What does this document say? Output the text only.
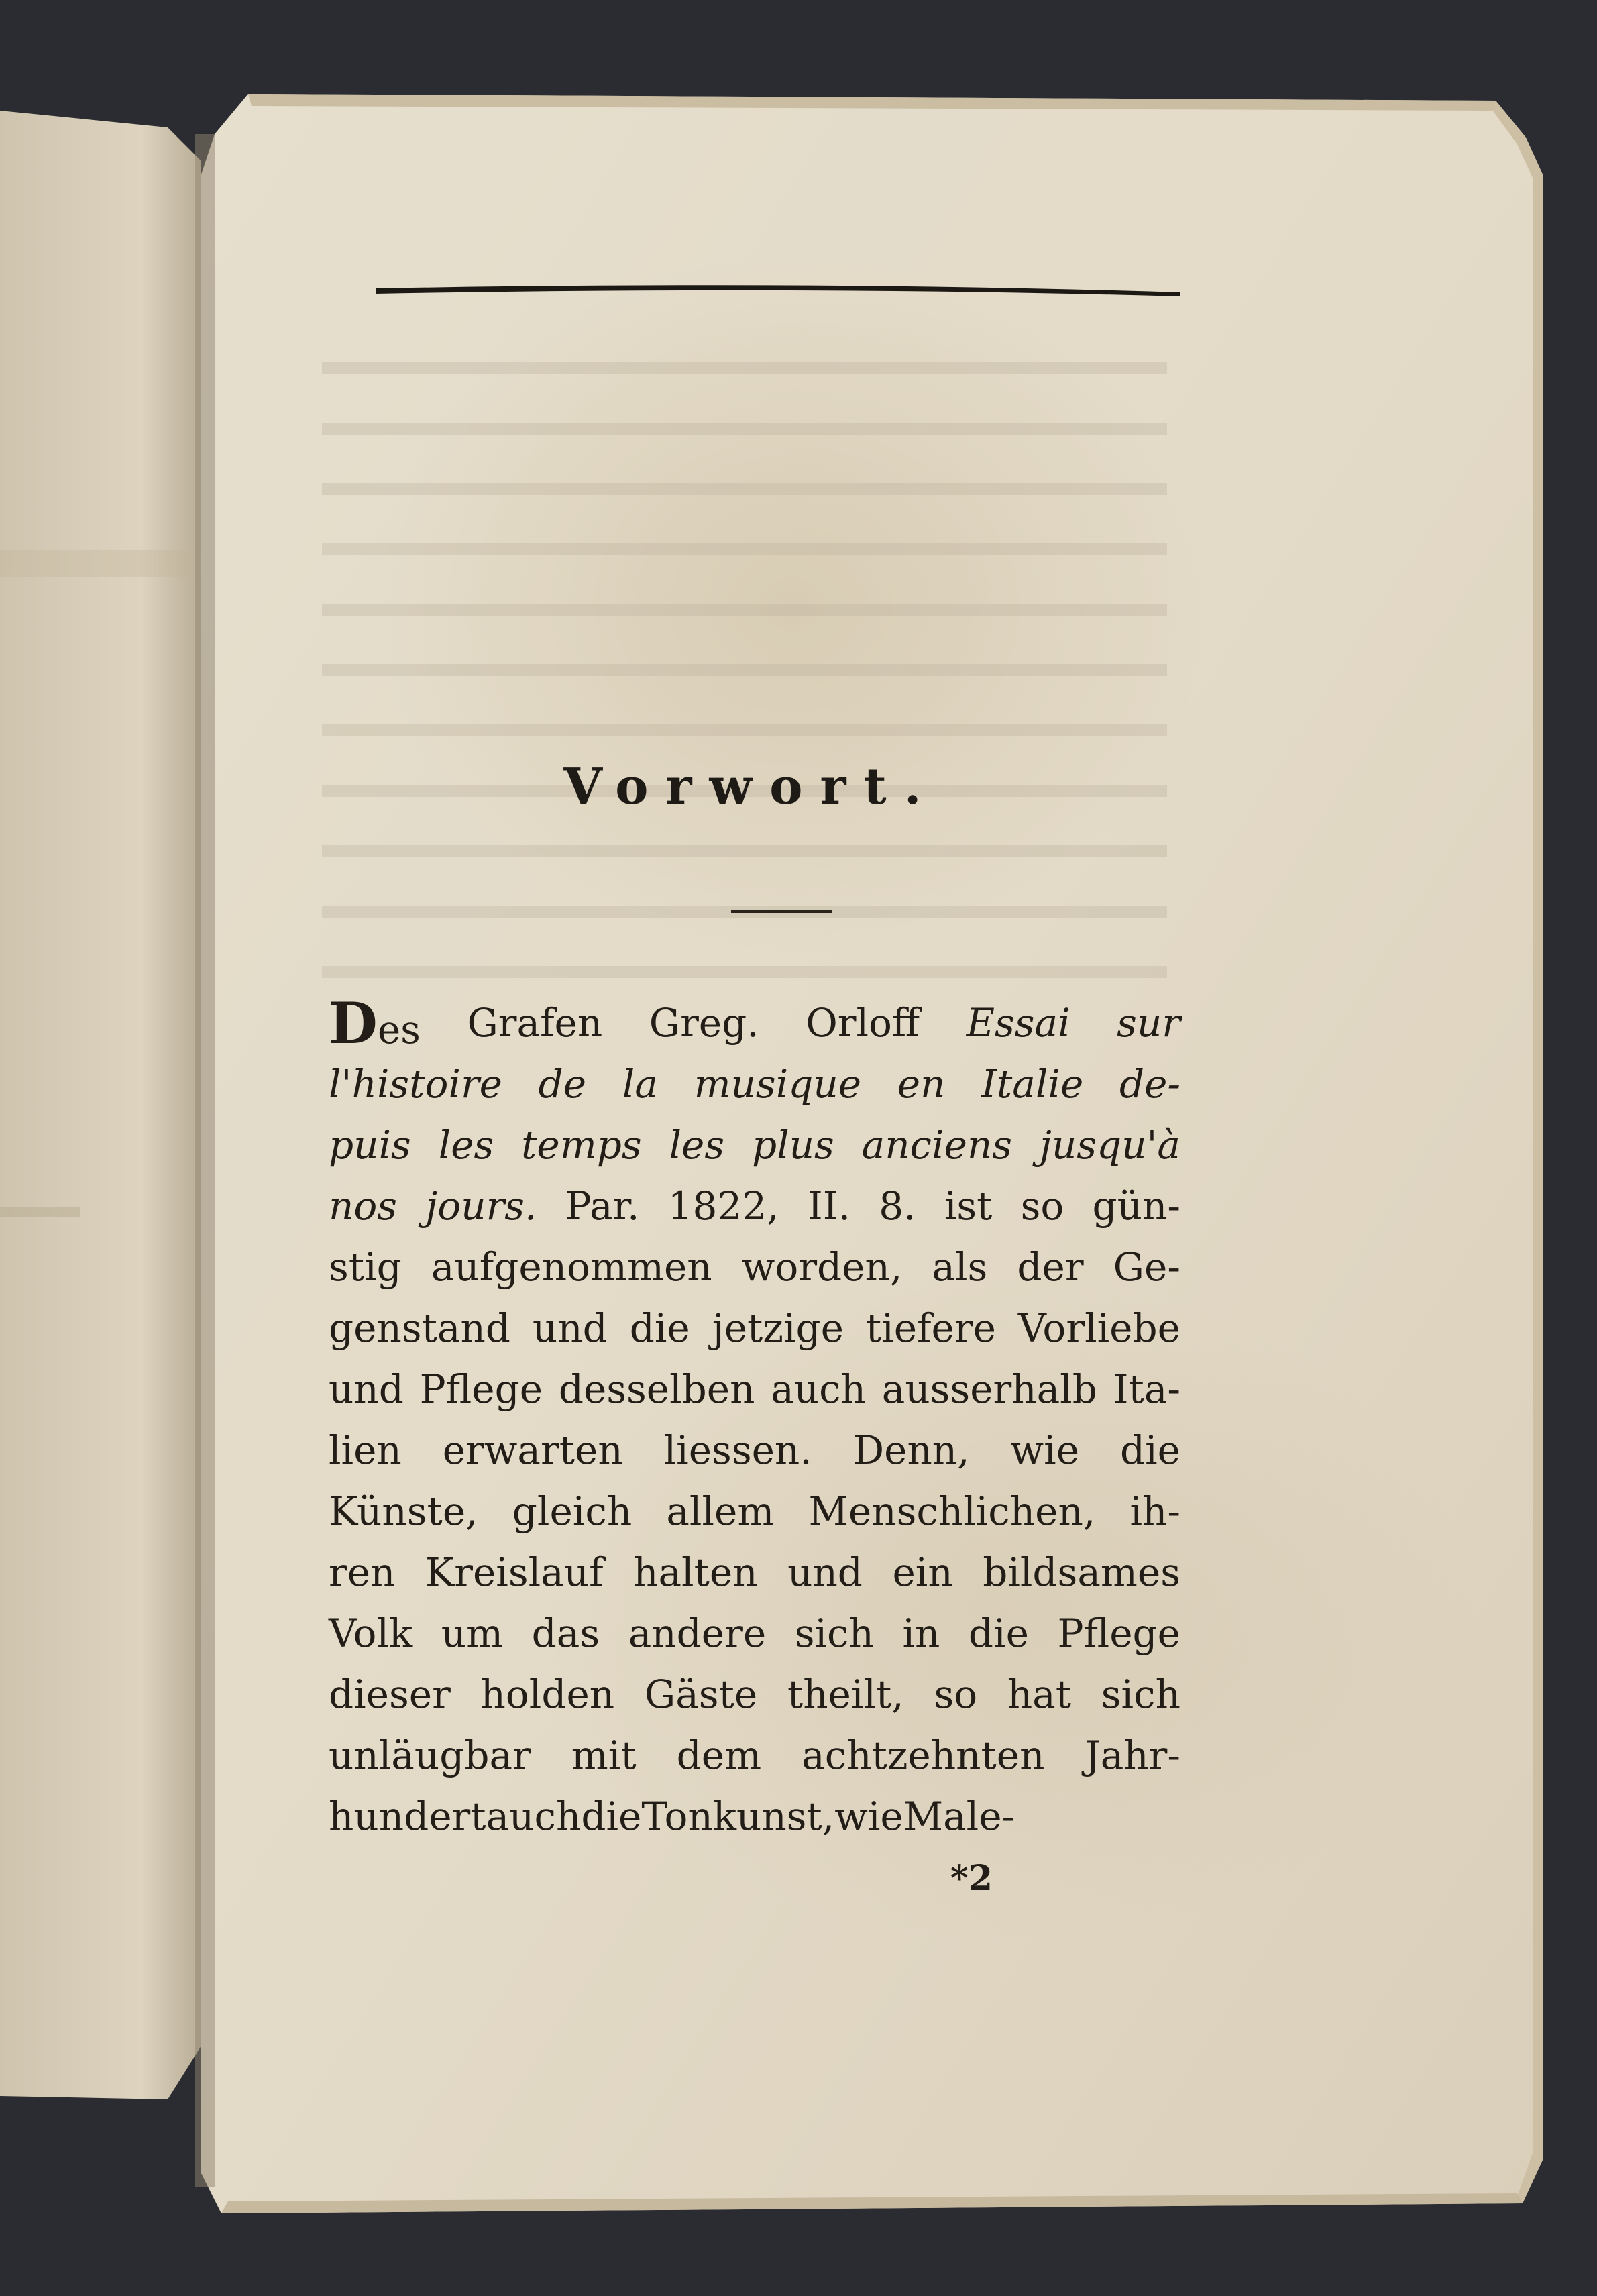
Vorwort.
Des Grafen Greg. Orloff Essai sur
l'histoire de la musique en Italie de-
puis les temps les plus anciens jusqu'à
nos jours. Par. 1822, II. 8. ist so gün-
stig aufgenommen worden, als der Ge-
genstand und die jetzige tiefere Vorliebe
und Pflege desselben auch ausserhalb Ita-
lien erwarten liessen. Denn, wie die
Künste, gleich allem Menschlichen, ih-
ren Kreislauf halten und ein bildsames
Volk um das andere sich in die Pflege
dieser holden Gäste theilt, so hat sich
unläugbar mit dem achtzehnten Jahr-
hundert auch die Tonkunst, wie Male-
*2
